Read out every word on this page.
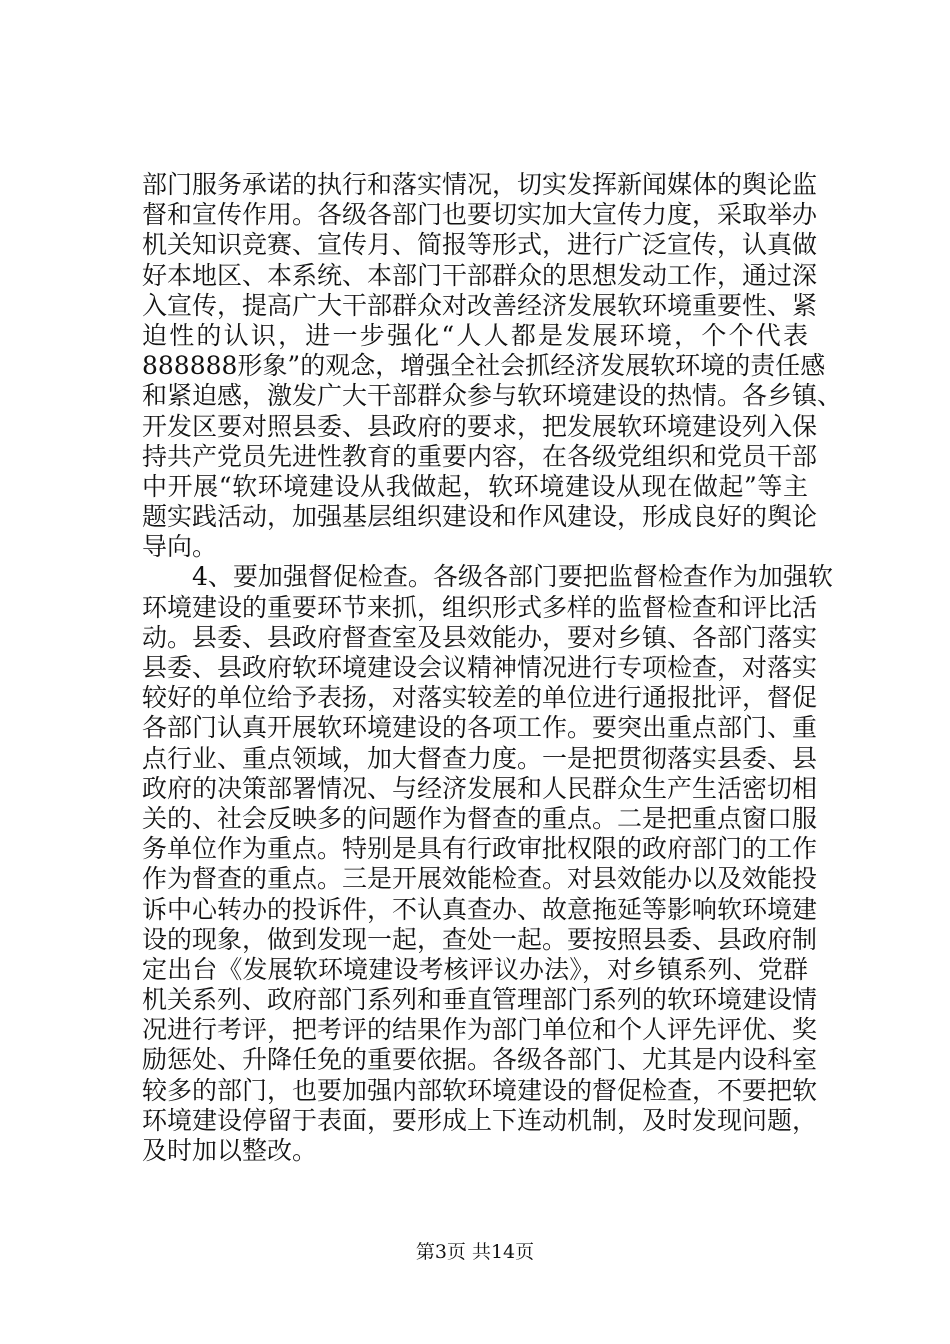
部门服务承诺的执行和落实情况，切实发挥新闻媒体的舆论监
督和宣传作用。各级各部门也要切实加大宣传力度，采取举办
机关知识竞赛、宣传月、简报等形式，进行广泛宣传，认真做
好本地区、本系统、本部门干部群众的思想发动工作，通过深
入宣传，提高广大干部群众对改善经济发展软环境重要性、紧
迫性的认识，进一步强化“人人都是发展环境，个个代表
888888形象”的观念，增强全社会抓经济发展软环境的责任感
和紧迫感，激发广大干部群众参与软环境建设的热情。各乡镇、
开发区要对照县委、县政府的要求，把发展软环境建设列入保
持共产党员先进性教育的重要内容，在各级党组织和党员干部
中开展“软环境建设从我做起，软环境建设从现在做起”等主
题实践活动，加强基层组织建设和作风建设，形成良好的舆论
导向。
4、要加强督促检查。各级各部门要把监督检查作为加强软
环境建设的重要环节来抓，组织形式多样的监督检查和评比活
动。县委、县政府督查室及县效能办，要对乡镇、各部门落实
县委、县政府软环境建设会议精神情况进行专项检查，对落实
较好的单位给予表扬，对落实较差的单位进行通报批评，督促
各部门认真开展软环境建设的各项工作。要突出重点部门、重
点行业、重点领域，加大督查力度。一是把贯彻落实县委、县
政府的决策部署情况、与经济发展和人民群众生产生活密切相
关的、社会反映多的问题作为督查的重点。二是把重点窗口服
务单位作为重点。特别是具有行政审批权限的政府部门的工作
作为督查的重点。三是开展效能检查。对县效能办以及效能投
诉中心转办的投诉件，不认真查办、故意拖延等影响软环境建
设的现象，做到发现一起，查处一起。要按照县委、县政府制
定出台《发展软环境建设考核评议办法》，对乡镇系列、党群
机关系列、政府部门系列和垂直管理部门系列的软环境建设情
况进行考评，把考评的结果作为部门单位和个人评先评优、奖
励惩处、升降任免的重要依据。各级各部门、尤其是内设科室
较多的部门，也要加强内部软环境建设的督促检查，不要把软
环境建设停留于表面，要形成上下连动机制，及时发现问题，
及时加以整改。
第3页 共14页
